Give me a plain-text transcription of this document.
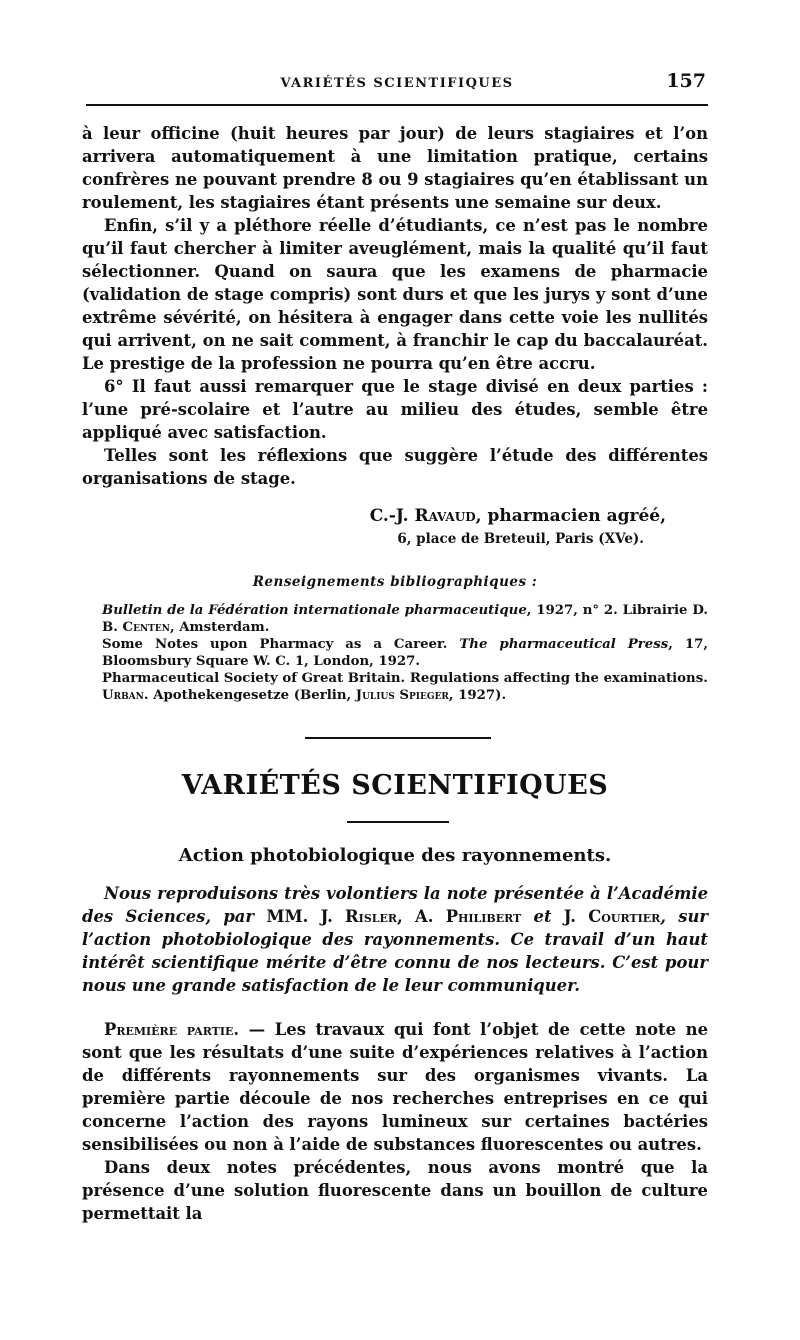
VARIÉTÉS SCIENTIFIQUES	157

à leur officine (huit heures par jour) de leurs stagiaires et l’on arrivera automatiquement à une limitation pratique, certains confrères ne pouvant prendre 8 ou 9 stagiaires qu’en établissant un roulement, les stagiaires étant présents une semaine sur deux.

Enfin, s’il y a pléthore réelle d’étudiants, ce n’est pas le nombre qu’il faut chercher à limiter aveuglément, mais la qualité qu’il faut sélectionner. Quand on saura que les examens de pharmacie (validation de stage compris) sont durs et que les jurys y sont d’une extrême sévérité, on hésitera à engager dans cette voie les nullités qui arrivent, on ne sait comment, à franchir le cap du baccalauréat. Le prestige de la profession ne pourra qu’en être accru.

6° Il faut aussi remarquer que le stage divisé en deux parties : l’une pré-scolaire et l’autre au milieu des études, semble être appliqué avec satisfaction.

Telles sont les réflexions que suggère l’étude des différentes organisations de stage.

C.-J. Ravaud, pharmacien agréé,
6, place de Breteuil, Paris (XVe).
Renseignements bibliographiques :

Bulletin de la Fédération internationale pharmaceutique, 1927, n° 2. Librairie D. B. Centen, Amsterdam.

Some Notes upon Pharmacy as a Career. The pharmaceutical Press, 17, Bloomsbury Square W. C. 1, London, 1927.

Pharmaceutical Society of Great Britain. Regulations affecting the examinations.

Urban. Apothekengesetze (Berlin, Julius Spieger, 1927).

VARIÉTÉS SCIENTIFIQUES
Action photobiologique des rayonnements.

Nous reproduisons très volontiers la note présentée à l’Académie des Sciences, par MM. J. Risler, A. Philibert et J. Courtier, sur l’action photobiologique des rayonnements. Ce travail d’un haut intérêt scientifique mérite d’être connu de nos lecteurs. C’est pour nous une grande satisfaction de le leur communiquer.

Première partie. — Les travaux qui font l’objet de cette note ne sont que les résultats d’une suite d’expériences relatives à l’action de différents rayonnements sur des organismes vivants. La première partie découle de nos recherches entreprises en ce qui concerne l’action des rayons lumineux sur certaines bactéries sensibilisées ou non à l’aide de substances fluorescentes ou autres.

Dans deux notes précédentes, nous avons montré que la présence d’une solution fluorescente dans un bouillon de culture permettait la
